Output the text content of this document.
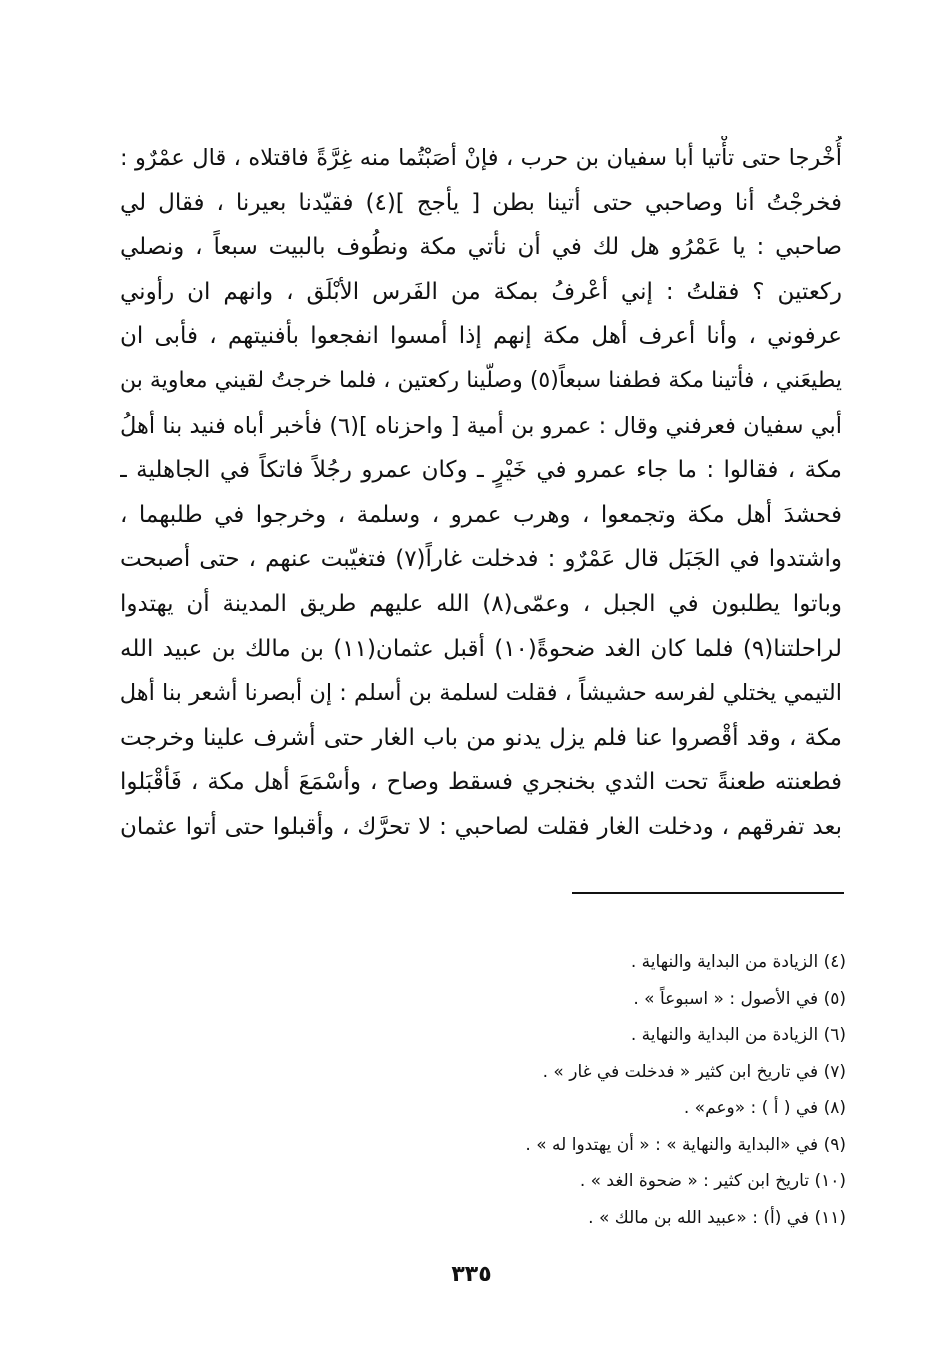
أُخْرجا حتى تأْتيا أبا سفيان بن حرب ، فإنْ أصَبْتُما منه غِرَّةً فاقتلاه ، قال عمْرٌو :
فخرجْتُ أنا وصاحبي حتى أتينا بطن [ يأجج ](٤) فقيّدنا بعيرنا ، فقال لي
صاحبي : يا عَمْرُو هل لك في أن نأتي مكة ونطُوف بالبيت سبعاً ، ونصلي
ركعتين ؟ فقلتُ : إني أعْرفُ بمكة من الفَرس الأبْلَق ، وانهم ان رأوني
عرفوني ، وأنا أعرف أهل مكة إنهم إذا أمسوا انفجعوا بأفنيتهم ، فأبى ان
يطيعَني ، فأتينا مكة فطفنا سبعاً(٥) وصلّينا ركعتين ، فلما خرجتُ لقيني معاوية بن
أبي سفيان فعرفني وقال : عمرو بن أمية [ واحزناه ](٦) فأخبر أباه فنيد بنا أهلُ
مكة ، فقالوا : ما جاء عمرو في خَيْرٍ ـ وكان عمرو رجُلاً فاتكاً في الجاهلية ـ
فحشدَ أهل مكة وتجمعوا ، وهرب عمرو ، وسلمة ، وخرجوا في طلبهما ،
واشتدوا في الجَبَل قال عَمْرٌو : فدخلت غاراً(٧) فتغيّبت عنهم ، حتى أصبحت
وباتوا يطلبون في الجبل ، وعمّى(٨) الله عليهم طريق المدينة أن يهتدوا
لراحلتنا(٩) فلما كان الغد ضحوةً(١٠) أقبل عثمان(١١) بن مالك بن عبيد الله
التيمي يختلي لفرسه حشيشاً ، فقلت لسلمة بن أسلم : إن أبصرنا أشعر بنا أهل
مكة ، وقد أقْصروا عنا فلم يزل يدنو من باب الغار حتى أشرف علينا وخرجت
فطعنته طعنةً تحت الثدي بخنجري فسقط وصاح ، وأسْمَعَ أهل مكة ، فَأقْبَلوا
بعد تفرقهم ، ودخلت الغار فقلت لصاحبي : لا تحرَّك ، وأقبلوا حتى أتوا عثمان
(٤) الزيادة من البداية والنهاية .
(٥) في الأصول : « اسبوعاً » .
(٦) الزيادة من البداية والنهاية .
(٧) في تاريخ ابن كثير « فدخلت في غار » .
(٨) في ( أ ) : «وعم» .
(٩) في «البداية والنهاية » : « أن يهتدوا له » .
(١٠) تاريخ ابن كثير : « ضحوة الغد » .
(١١) في (أ) : «عبيد الله بن مالك » .
٣٣٥
